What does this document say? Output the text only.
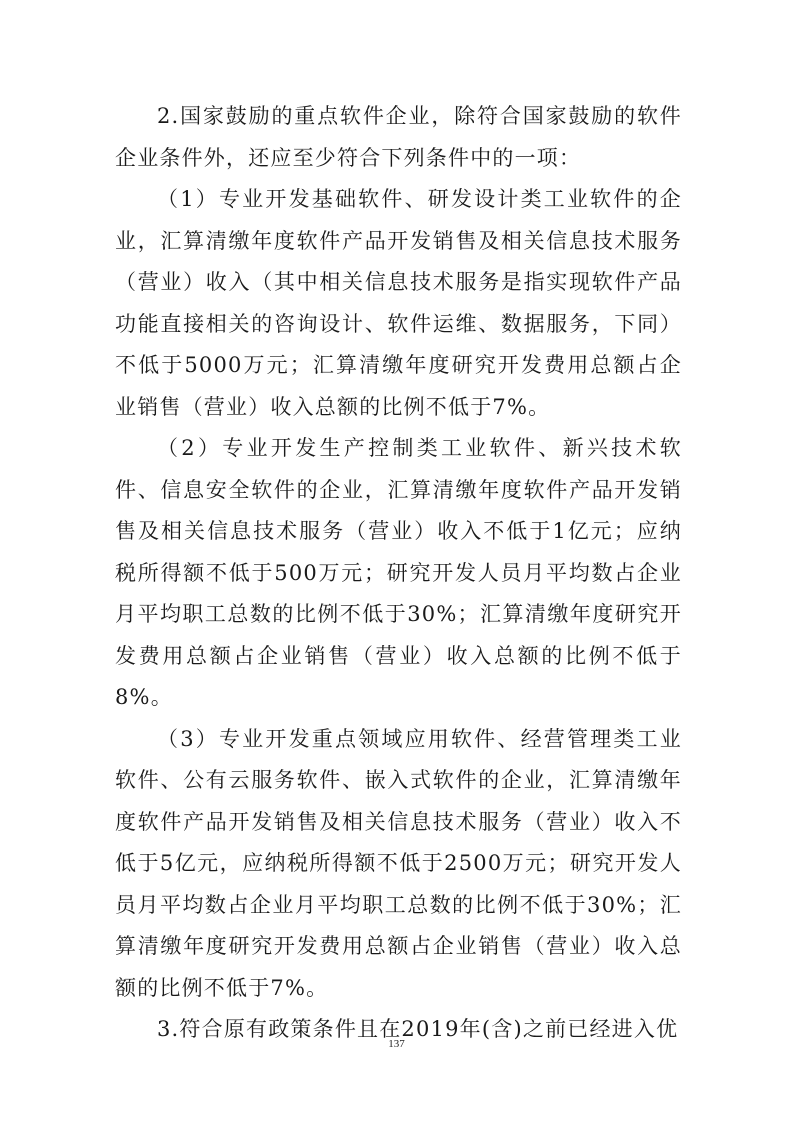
2.国家鼓励的重点软件企业，除符合国家鼓励的软件企业条件外，还应至少符合下列条件中的一项：

（1）专业开发基础软件、研发设计类工业软件的企业，汇算清缴年度软件产品开发销售及相关信息技术服务（营业）收入（其中相关信息技术服务是指实现软件产品功能直接相关的咨询设计、软件运维、数据服务，下同）不低于5000万元；汇算清缴年度研究开发费用总额占企业销售（营业）收入总额的比例不低于7%。

（2）专业开发生产控制类工业软件、新兴技术软件、信息安全软件的企业，汇算清缴年度软件产品开发销售及相关信息技术服务（营业）收入不低于1亿元；应纳税所得额不低于500万元；研究开发人员月平均数占企业月平均职工总数的比例不低于30%；汇算清缴年度研究开发费用总额占企业销售（营业）收入总额的比例不低于8%。

（3）专业开发重点领域应用软件、经营管理类工业软件、公有云服务软件、嵌入式软件的企业，汇算清缴年度软件产品开发销售及相关信息技术服务（营业）收入不低于5亿元，应纳税所得额不低于2500万元；研究开发人员月平均数占企业月平均职工总数的比例不低于30%；汇算清缴年度研究开发费用总额占企业销售（营业）收入总额的比例不低于7%。

3.符合原有政策条件且在2019年(含)之前已经进入优

137
